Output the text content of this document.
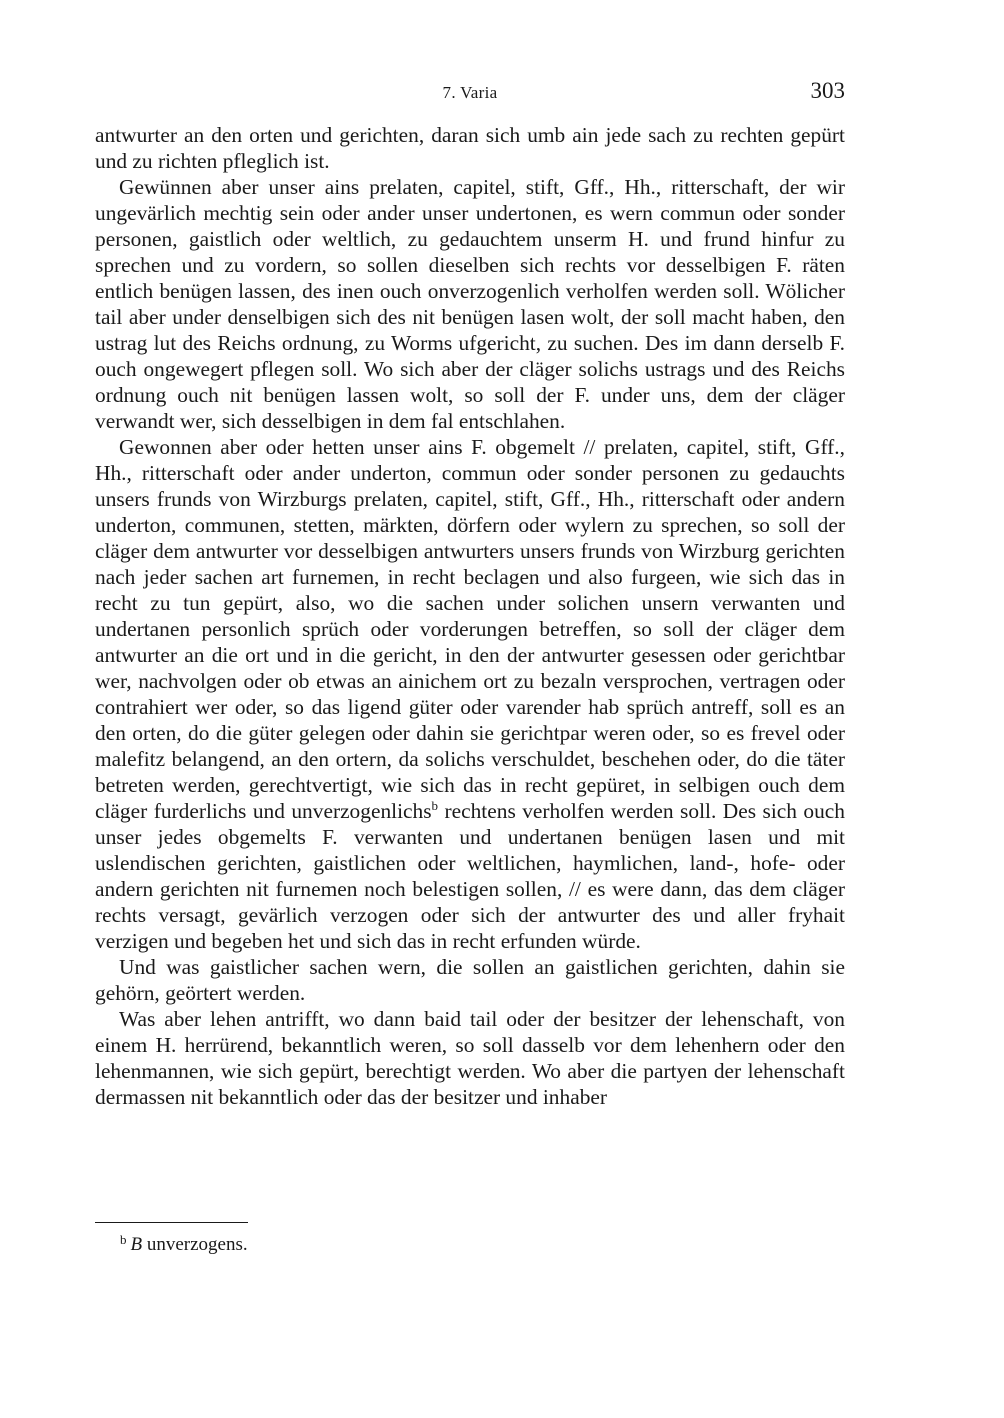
7. Varia	303

antwurter an den orten und gerichten, daran sich umb ain jede sach zu rechten gepürt und zu richten pfleglich ist.

Gewünnen aber unser ains prelaten, capitel, stift, Gff., Hh., ritterschaft, der wir ungevärlich mechtig sein oder ander unser undertonen, es wern commun oder sonder personen, gaistlich oder weltlich, zu gedauchtem unserm H. und frund hinfur zu sprechen und zu vordern, so sollen dieselben sich rechts vor desselbigen F. räten entlich benügen lassen, des inen ouch onverzogenlich verholfen werden soll. Wölicher tail aber under denselbigen sich des nit benügen lasen wolt, der soll macht haben, den ustrag lut des Reichs ordnung, zu Worms ufgericht, zu suchen. Des im dann derselb F. ouch ongewegert pflegen soll. Wo sich aber der cläger solichs ustrags und des Reichs ordnung ouch nit benügen lassen wolt, so soll der F. under uns, dem der cläger verwandt wer, sich desselbigen in dem fal entschlahen.

Gewonnen aber oder hetten unser ains F. obgemelt // prelaten, capitel, stift, Gff., Hh., ritterschaft oder ander underton, commun oder sonder personen zu gedauchts unsers frunds von Wirzburgs prelaten, capitel, stift, Gff., Hh., ritterschaft oder andern underton, communen, stetten, märkten, dörfern oder wylern zu sprechen, so soll der cläger dem antwurter vor desselbigen antwurters unsers frunds von Wirzburg gerichten nach jeder sachen art furnemen, in recht beclagen und also furgeen, wie sich das in recht zu tun gepürt, also, wo die sachen under solichen unsern verwanten und undertanen personlich sprüch oder vorderungen betreffen, so soll der cläger dem antwurter an die ort und in die gericht, in den der antwurter gesessen oder gerichtbar wer, nachvolgen oder ob etwas an ainichem ort zu bezaln versprochen, vertragen oder contrahiert wer oder, so das ligend güter oder varender hab sprüch antreff, soll es an den orten, do die güter gelegen oder dahin sie gerichtpar weren oder, so es frevel oder malefitz belangend, an den ortern, da solichs verschuldet, beschehen oder, do die täter betreten werden, gerechtvertigt, wie sich das in recht gepüret, in selbigen ouch dem cläger furderlichs und unverzogenlichs$^b$ rechtens verholfen werden soll. Des sich ouch unser jedes obgemelts F. verwanten und undertanen benügen lasen und mit uslendischen gerichten, gaistlichen oder weltlichen, haymlichen, land-, hofe- oder andern gerichten nit furnemen noch belestigen sollen, // es were dann, das dem cläger rechts versagt, gevärlich verzogen oder sich der antwurter des und aller fryhait verzigen und begeben het und sich das in recht erfunden würde.

Und was gaistlicher sachen wern, die sollen an gaistlichen gerichten, dahin sie gehörn, geörtert werden.

Was aber lehen antrifft, wo dann baid tail oder der besitzer der lehenschaft, von einem H. herrürend, bekanntlich weren, so soll dasselb vor dem lehenhern oder den lehenmannen, wie sich gepürt, berechtigt werden. Wo aber die partyen der lehenschaft dermassen nit bekanntlich oder das der besitzer und inhaber

$^b$ B unverzogens.
